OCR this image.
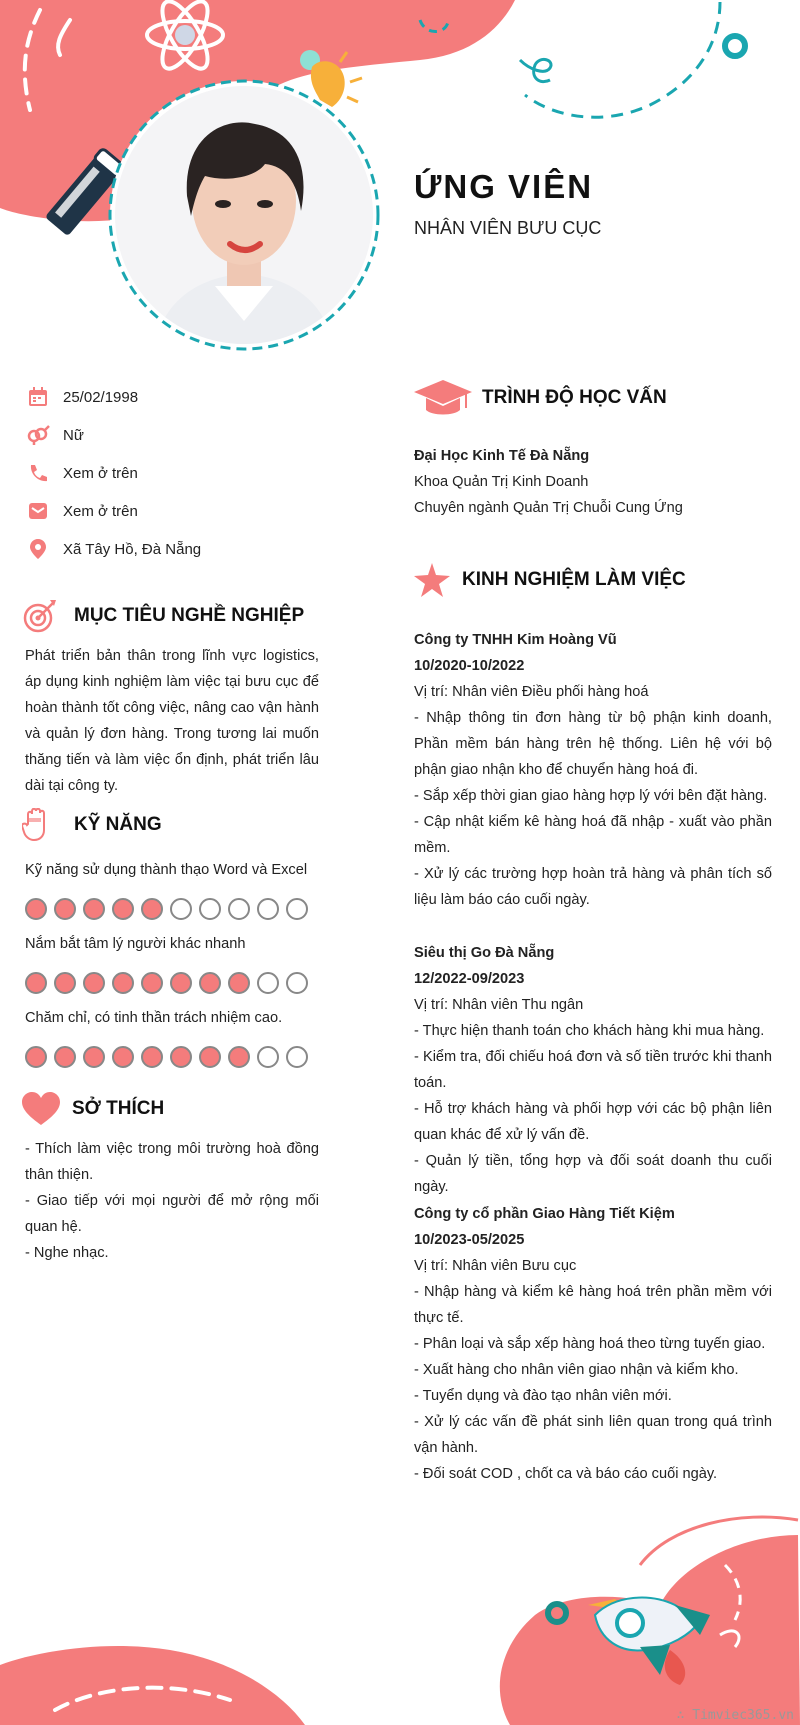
ỨNG VIÊN
NHÂN VIÊN BƯU CỤC
25/02/1998
Nữ
Xem ở trên
Xem ở trên
Xã Tây Hồ, Đà Nẵng
MỤC TIÊU NGHỀ NGHIỆP
Phát triển bản thân trong lĩnh vực logistics, áp dụng kinh nghiệm làm việc tại bưu cục để hoàn thành tốt công việc, nâng cao vận hành và quản lý đơn hàng. Trong tương lai muốn thăng tiến và làm việc ổn định, phát triển lâu dài tại công ty.
KỸ NĂNG
Kỹ năng sử dụng thành thạo Word và Excel
Nắm bắt tâm lý người khác nhanh
Chăm chỉ, có tinh thần trách nhiệm cao.
SỞ THÍCH
- Thích làm việc trong môi trường hoà đồng thân thiện.
- Giao tiếp với mọi người để mở rộng mối quan hệ.
- Nghe nhạc.
TRÌNH ĐỘ HỌC VẤN
Đại Học Kinh Tế Đà Nẵng
Khoa Quản Trị Kinh Doanh
Chuyên ngành Quản Trị Chuỗi Cung Ứng
KINH NGHIỆM LÀM VIỆC
Công ty TNHH Kim Hoàng Vũ
10/2020-10/2022
Vị trí: Nhân viên Điều phối hàng hoá
- Nhập thông tin đơn hàng từ bộ phận kinh doanh, Phần mềm bán hàng trên hệ thống. Liên hệ với bộ phận giao nhận kho để chuyển hàng hoá đi.
- Sắp xếp thời gian giao hàng hợp lý với bên đặt hàng.
- Cập nhật kiểm kê hàng hoá đã nhập - xuất vào phần mềm.
- Xử lý các trường hợp hoàn trả hàng và phân tích số liệu làm báo cáo cuối ngày.
Siêu thị Go Đà Nẵng
12/2022-09/2023
Vị trí: Nhân viên Thu ngân
- Thực hiện thanh toán cho khách hàng khi mua hàng.
- Kiểm tra, đối chiếu hoá đơn và số tiền trước khi thanh toán.
- Hỗ trợ khách hàng và phối hợp với các bộ phận liên quan khác để xử lý vấn đề.
- Quản lý tiền, tổng hợp và đối soát doanh thu cuối ngày.
Công ty cổ phần Giao Hàng Tiết Kiệm
10/2023-05/2025
Vị trí: Nhân viên Bưu cục
- Nhập hàng và kiểm kê hàng hoá trên phần mềm với thực tế.
- Phân loại và sắp xếp hàng hoá theo từng tuyến giao.
- Xuất hàng cho nhân viên giao nhận và kiểm kho.
- Tuyển dụng và đào tạo nhân viên mới.
- Xử lý các vấn đề phát sinh liên quan trong quá trình vận hành.
- Đối soát COD , chốt ca và báo cáo cuối ngày.
∴ Timviec365.vn
